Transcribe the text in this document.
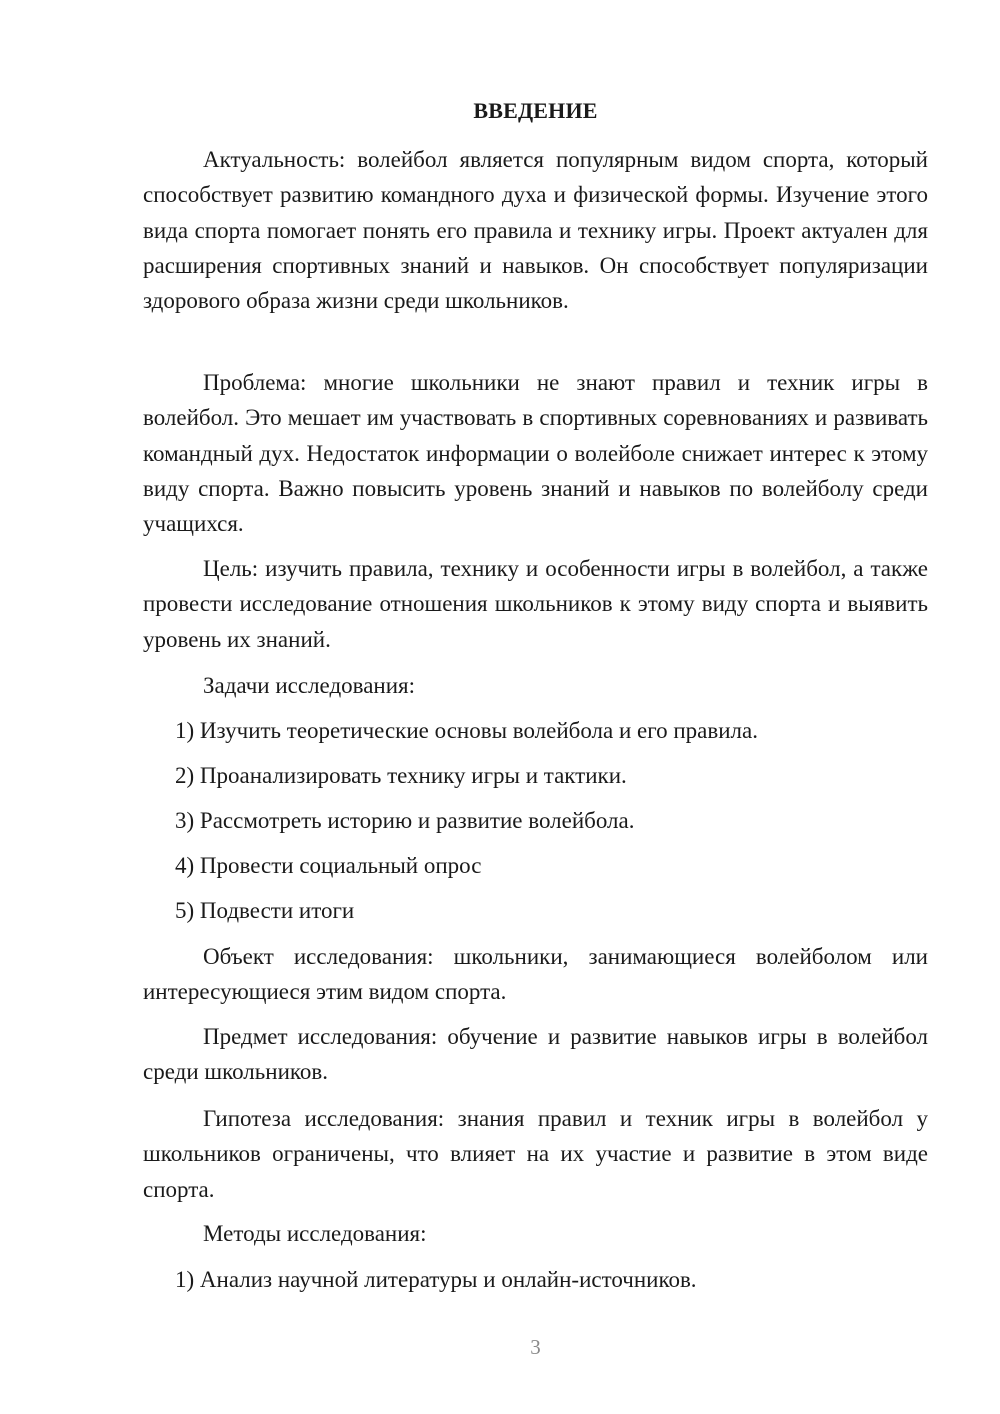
ВВЕДЕНИЕ

Актуальность: волейбол является популярным видом спорта, который способствует развитию командного духа и физической формы. Изучение этого вида спорта помогает понять его правила и технику игры. Проект актуален для расширения спортивных знаний и навыков. Он способствует популяризации здорового образа жизни среди школьников.

Проблема: многие школьники не знают правил и техник игры в волейбол. Это мешает им участвовать в спортивных соревнованиях и развивать командный дух. Недостаток информации о волейболе снижает интерес к этому виду спорта. Важно повысить уровень знаний и навыков по волейболу среди учащихся.

Цель: изучить правила, технику и особенности игры в волейбол, а также провести исследование отношения школьников к этому виду спорта и выявить уровень их знаний.

Задачи исследования:
1) Изучить теоретические основы волейбола и его правила.
2) Проанализировать технику игры и тактики.
3) Рассмотреть историю и развитие волейбола.
4) Провести социальный опрос
5) Подвести итоги

Объект исследования: школьники, занимающиеся волейболом или интересующиеся этим видом спорта.

Предмет исследования: обучение и развитие навыков игры в волейбол среди школьников.

Гипотеза исследования: знания правил и техник игры в волейбол у школьников ограничены, что влияет на их участие и развитие в этом виде спорта.

Методы исследования:
1) Анализ научной литературы и онлайн-источников.
3
